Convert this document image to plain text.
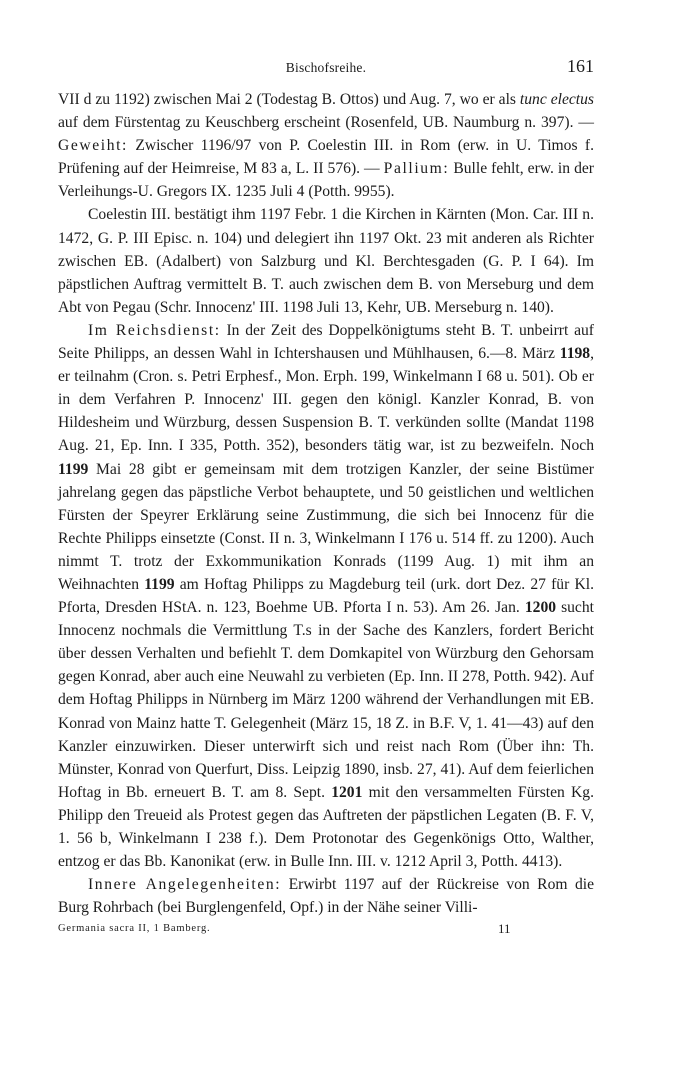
Bischofsreihe.	161

VII d zu 1192) zwischen Mai 2 (Todestag B. Ottos) und Aug. 7, wo er als tunc electus auf dem Fürstentag zu Keuschberg erscheint (Rosenfeld, UB. Naumburg n. 397). — Geweiht: Zwischer 1196/97 von P. Coelestin III. in Rom (erw. in U. Timos f. Prüfening auf der Heimreise, M 83 a, L. II 576). — Pallium: Bulle fehlt, erw. in der Verleihungs-U. Gregors IX. 1235 Juli 4 (Potth. 9955).

Coelestin III. bestätigt ihm 1197 Febr. 1 die Kirchen in Kärnten (Mon. Car. III n. 1472, G. P. III Episc. n. 104) und delegiert ihn 1197 Okt. 23 mit anderen als Richter zwischen EB. (Adalbert) von Salzburg und Kl. Berchtesgaden (G. P. I 64). Im päpstlichen Auftrag vermittelt B. T. auch zwischen dem B. von Merseburg und dem Abt von Pegau (Schr. Innocenz' III. 1198 Juli 13, Kehr, UB. Merseburg n. 140).

Im Reichsdienst: In der Zeit des Doppelkönigtums steht B. T. unbeirrt auf Seite Philipps, an dessen Wahl in Ichtershausen und Mühlhausen, 6.—8. März 1198, er teilnahm (Cron. s. Petri Erphesf., Mon. Erph. 199, Winkelmann I 68 u. 501). Ob er in dem Verfahren P. Innocenz' III. gegen den königl. Kanzler Konrad, B. von Hildesheim und Würzburg, dessen Suspension B. T. verkünden sollte (Mandat 1198 Aug. 21, Ep. Inn. I 335, Potth. 352), besonders tätig war, ist zu bezweifeln. Noch 1199 Mai 28 gibt er gemeinsam mit dem trotzigen Kanzler, der seine Bistümer jahrelang gegen das päpstliche Verbot behauptete, und 50 geistlichen und weltlichen Fürsten der Speyrer Erklärung seine Zustimmung, die sich bei Innocenz für die Rechte Philipps einsetzte (Const. II n. 3, Winkelmann I 176 u. 514 ff. zu 1200). Auch nimmt T. trotz der Exkommunikation Konrads (1199 Aug. 1) mit ihm an Weihnachten 1199 am Hoftag Philipps zu Magdeburg teil (urk. dort Dez. 27 für Kl. Pforta, Dresden HStA. n. 123, Boehme UB. Pforta I n. 53). Am 26. Jan. 1200 sucht Innocenz nochmals die Vermittlung T.s in der Sache des Kanzlers, fordert Bericht über dessen Verhalten und befiehlt T. dem Domkapitel von Würzburg den Gehorsam gegen Konrad, aber auch eine Neuwahl zu verbieten (Ep. Inn. II 278, Potth. 942). Auf dem Hoftag Philipps in Nürnberg im März 1200 während der Verhandlungen mit EB. Konrad von Mainz hatte T. Gelegenheit (März 15, 18 Z. in B.F. V, 1. 41—43) auf den Kanzler einzuwirken. Dieser unterwirft sich und reist nach Rom (Über ihn: Th. Münster, Konrad von Querfurt, Diss. Leipzig 1890, insb. 27, 41). Auf dem feierlichen Hoftag in Bb. erneuert B. T. am 8. Sept. 1201 mit den versammelten Fürsten Kg. Philipp den Treueid als Protest gegen das Auftreten der päpstlichen Legaten (B. F. V, 1. 56 b, Winkelmann I 238 f.). Dem Protonotar des Gegenkönigs Otto, Walther, entzog er das Bb. Kanonikat (erw. in Bulle Inn. III. v. 1212 April 3, Potth. 4413).

Innere Angelegenheiten: Erwirbt 1197 auf der Rückreise von Rom die Burg Rohrbach (bei Burglengenfeld, Opf.) in der Nähe seiner Villi-

Germania sacra II, 1 Bamberg.	11
